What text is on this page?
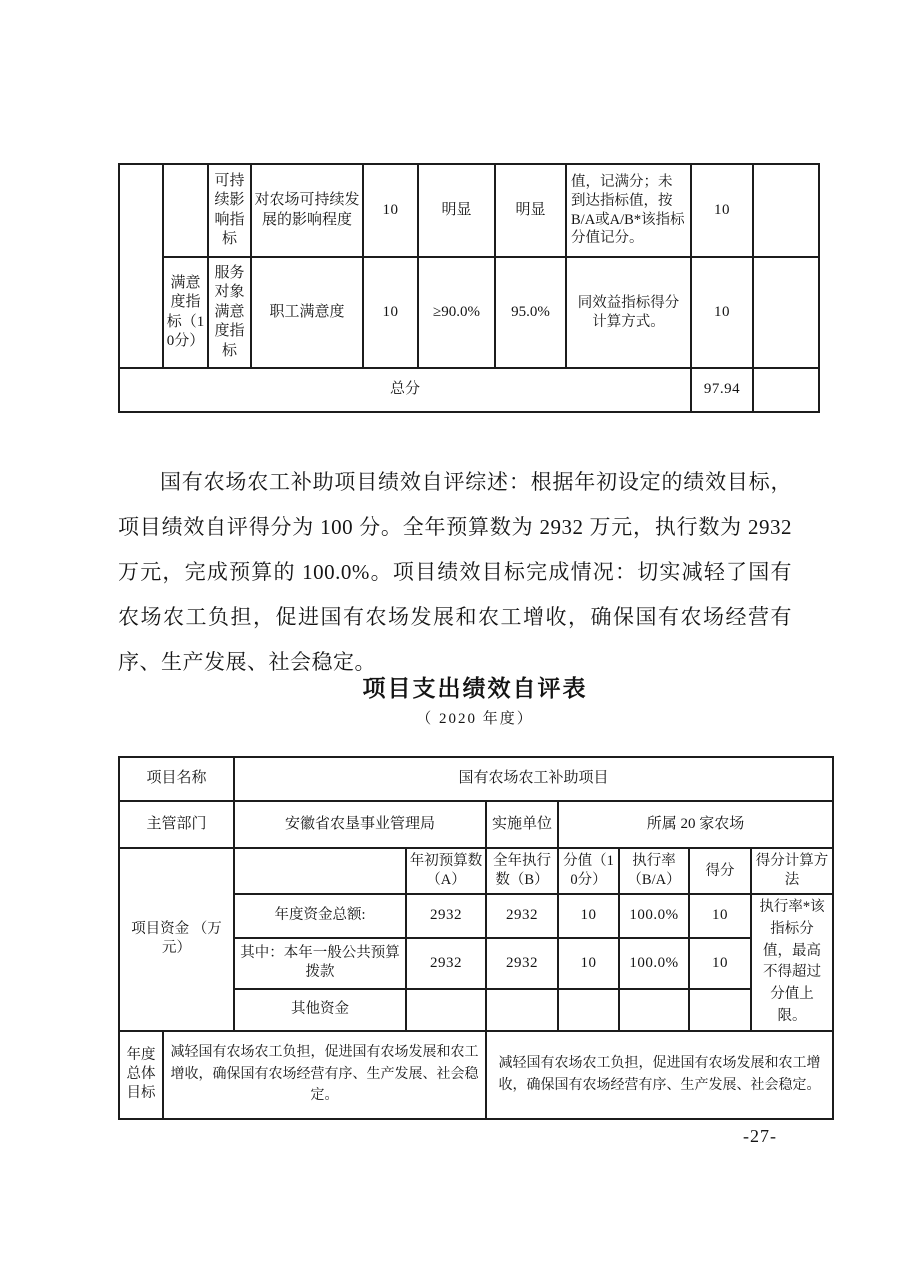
		可持续影响指标	对农场可持续发展的影响程度	10	明显	明显	值，记满分；未到达指标值，按B/A或A/B*该指标分值记分。	10	
	满意度指标（10分）	服务对象满意度指标	职工满意度	10	≥90.0%	95.0%	同效益指标得分 计算方式。	10	
总分								97.94	

国有农场农工补助项目绩效自评综述：根据年初设定的绩效目标，项目绩效自评得分为 100 分。全年预算数为 2932 万元，执行数为 2932 万元，完成预算的 100.0%。项目绩效目标完成情况：切实减轻了国有农场农工负担，促进国有农场发展和农工增收，确保国有农场经营有序、生产发展、社会稳定。

项目支出绩效自评表
（ 2020 年度）
项目名称		国有农场农工补助项目						
主管部门		安徽省农垦事业管理局		实施单位	所属 20 家农场			
项目资金 （万元）			年初预算数（A）	全年执行数（B）	分值（10分）	执行率（B/A）	得分	得分计算方法
		年度资金总额:	2932	2932	10	100.0%	10	执行率*该指标分值，最高不得超过分值上限。
		其中：本年一般公共预算拨款	2932	2932	10	100.0%	10	
		其他资金						
年度总体目标	减轻国有农场农工负担，促进国有农场发展和农工增收，确保国有农场经营有序、生产发展、社会稳定。			减轻国有农场农工负担，促进国有农场发展和农工增收，确保国有农场经营有序、生产发展、社会稳定。				
-27-
